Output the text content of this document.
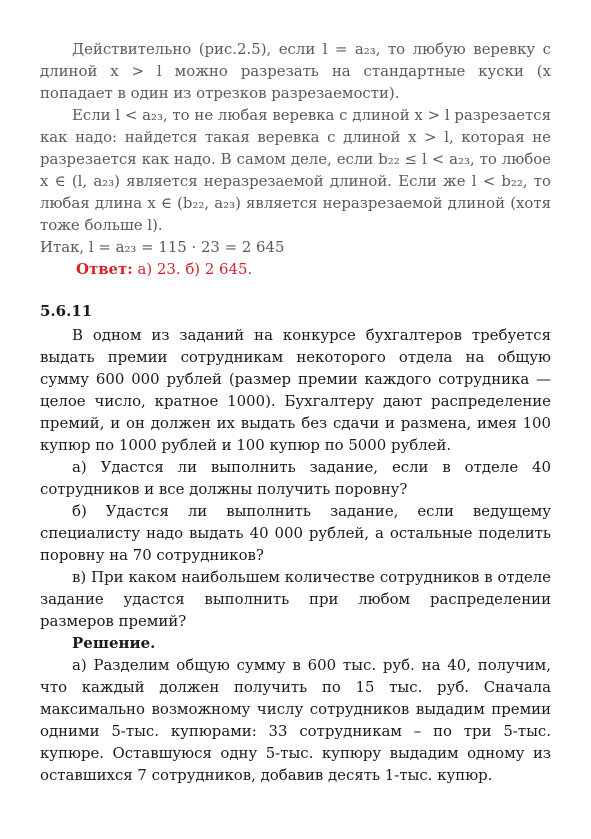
Действительно (рис.2.5), если l = a₂₃, то любую веревку с длиной x > l можно разрезать на стандартные куски (x попадает в один из отрезков разрезаемости).

Если l < a₂₃, то не любая веревка с длиной x > l разрезается как надо: найдется такая веревка с длиной x > l, которая не разрезается как надо. В самом деле, если b₂₂ ≤ l < a₂₃, то любое x ∈ (l, a₂₃) является неразрезаемой длиной. Если же l < b₂₂, то любая длина x ∈ (b₂₂, a₂₃) является неразрезаемой длиной (хотя тоже больше l).

Итак, l = a₂₃ = 115 · 23 = 2 645

Ответ: а) 23. б) 2 645.

5.6.11

В одном из заданий на конкурсе бухгалтеров требуется выдать премии сотрудникам некоторого отдела на общую сумму 600 000 рублей (размер премии каждого сотрудника — целое число, кратное 1000). Бухгалтеру дают распределение премий, и он должен их выдать без сдачи и размена, имея 100 купюр по 1000 рублей и 100 купюр по 5000 рублей.

а) Удастся ли выполнить задание, если в отделе 40 сотрудников и все должны получить поровну?

б) Удастся ли выполнить задание, если ведущему специалисту надо выдать 40 000 рублей, а остальные поделить поровну на 70 сотрудников?

в) При каком наибольшем количестве сотрудников в отделе задание удастся выполнить при любом распределении размеров премий?

Решение.

а) Разделим общую сумму в 600 тыс. руб. на 40, получим, что каждый должен получить по 15 тыс. руб. Сначала максимально возможному числу сотрудников выдадим премии одними 5-тыс. купюрами: 33 сотрудникам – по три 5-тыс. купюре. Оставшуюся одну 5-тыс. купюру выдадим одному из оставшихся 7 сотрудников, добавив десять 1-тыс. купюр.
